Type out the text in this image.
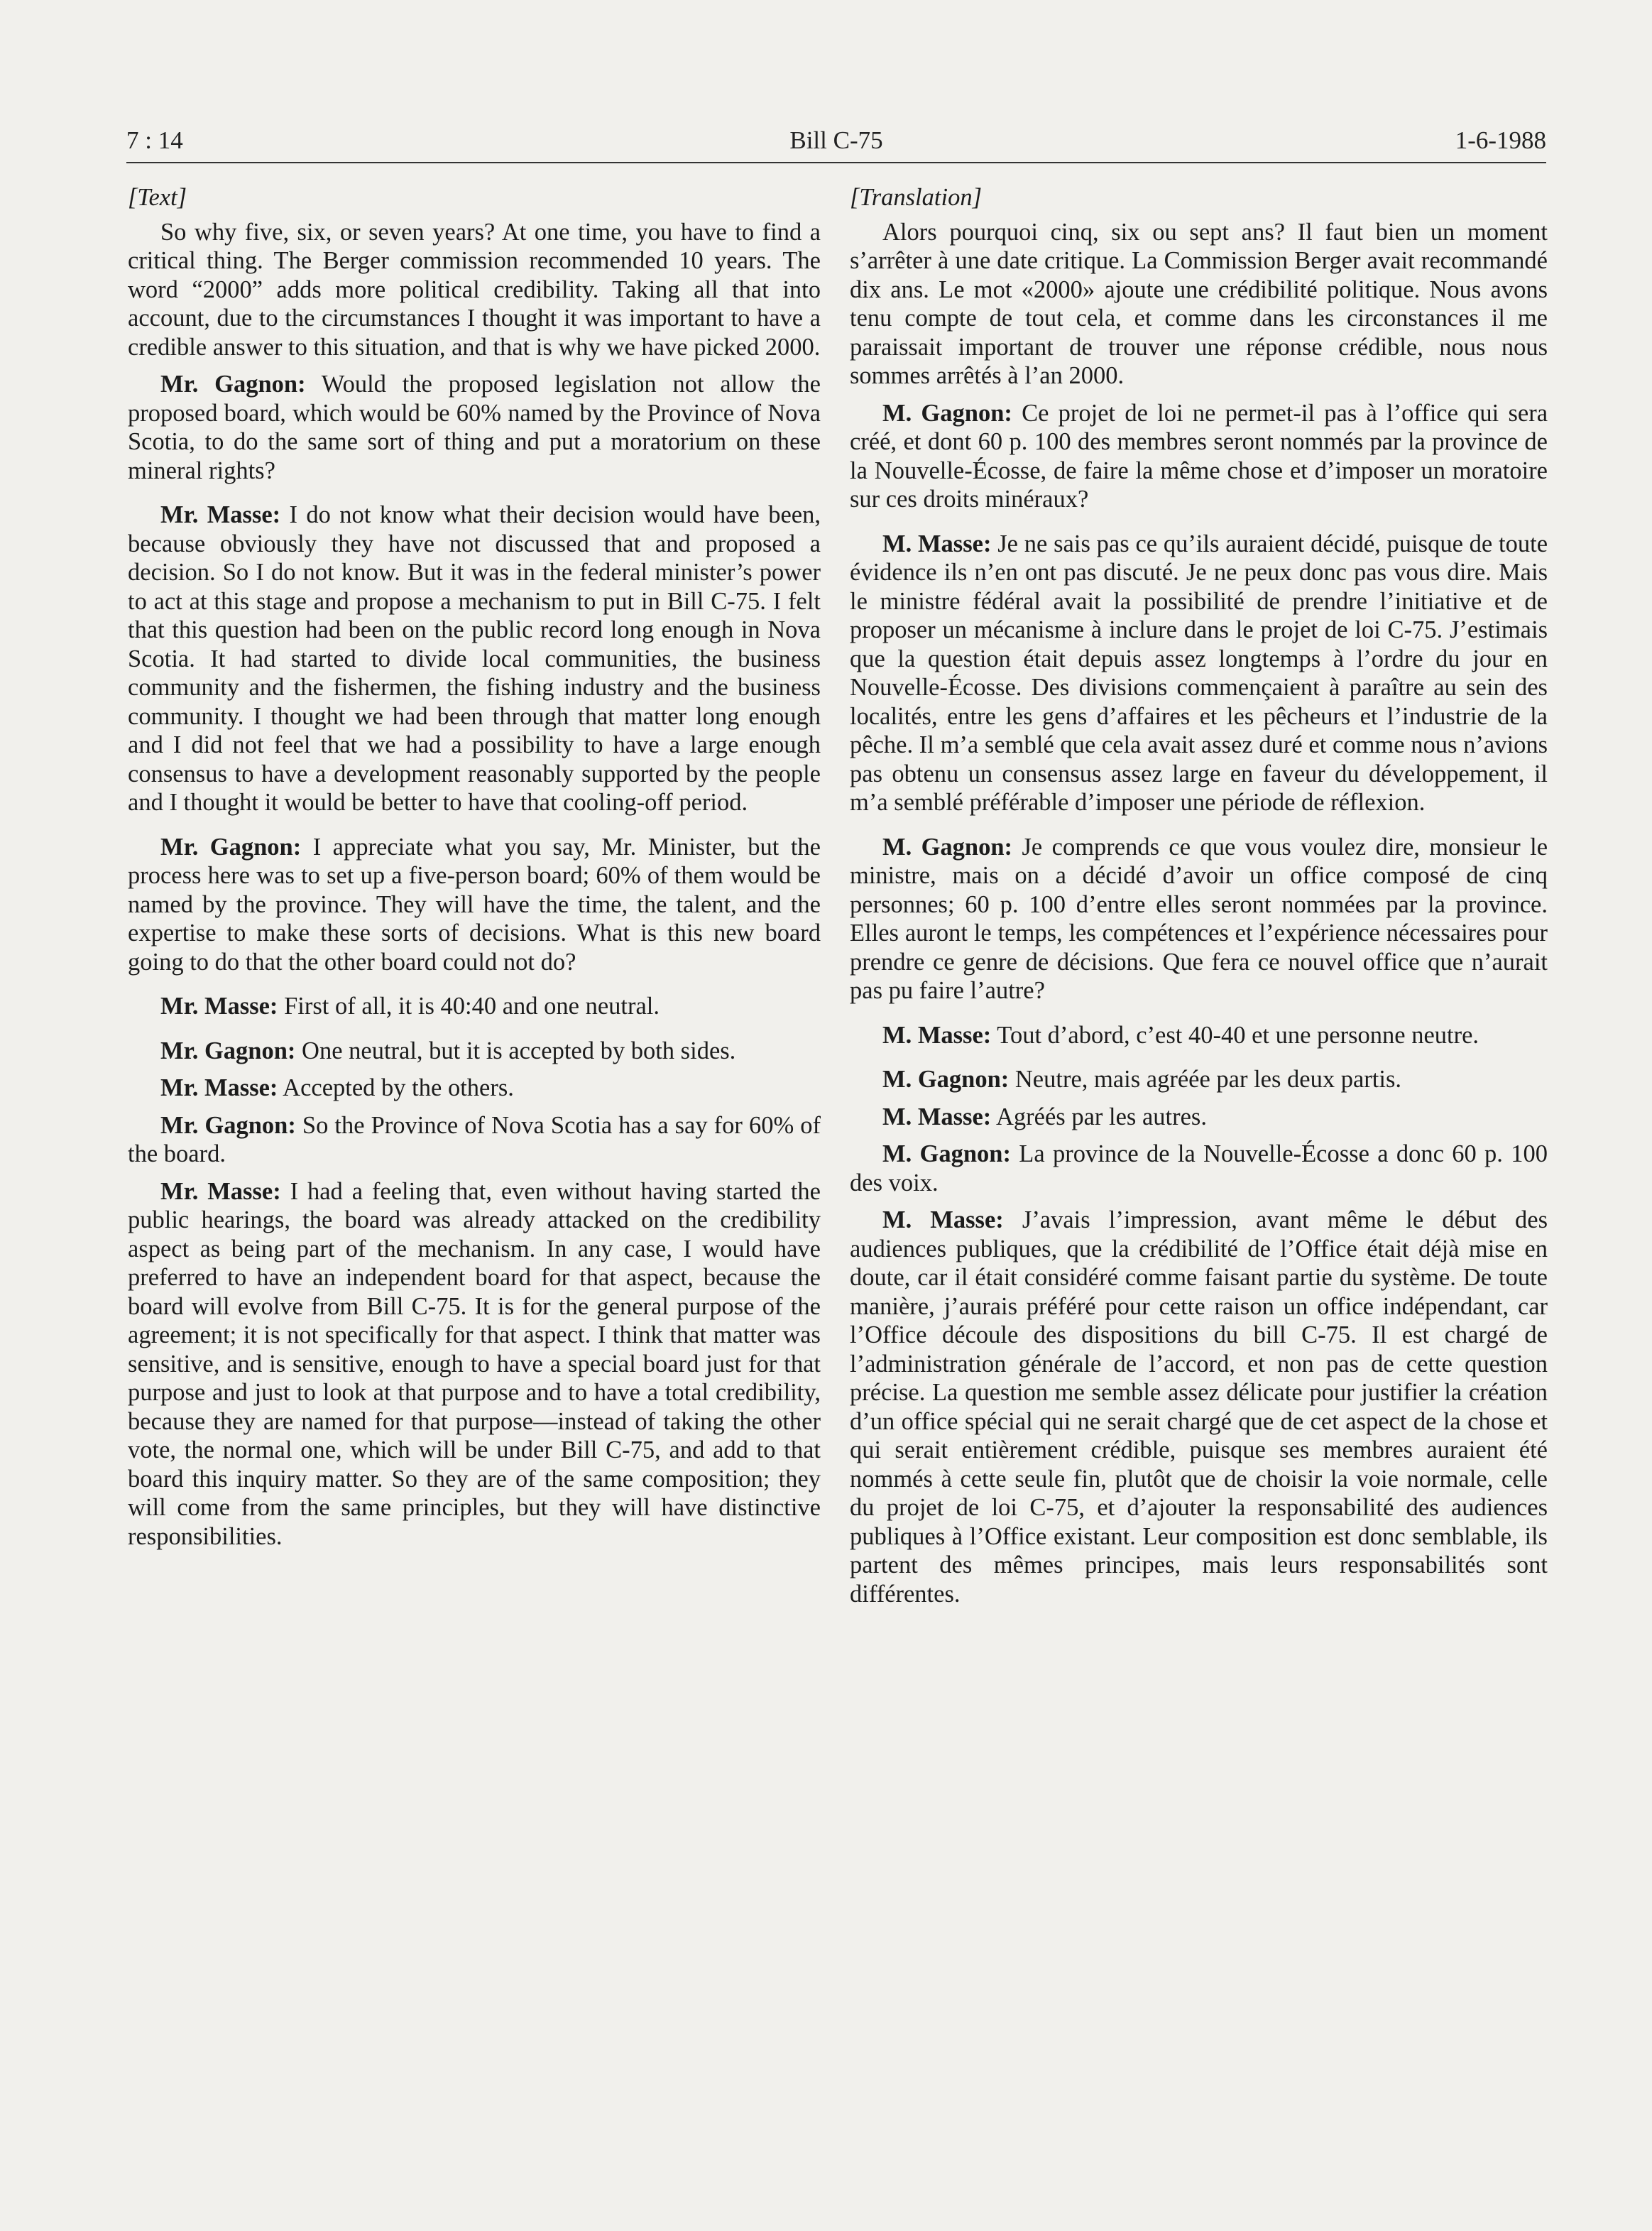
7 : 14	Bill C-75	1-6-1988
[Text]

So why five, six, or seven years? At one time, you have to find a critical thing. The Berger commission recommended 10 years. The word “2000” adds more political credibility. Taking all that into account, due to the circumstances I thought it was important to have a credible answer to this situation, and that is why we have picked 2000.

Mr. Gagnon: Would the proposed legislation not allow the proposed board, which would be 60% named by the Province of Nova Scotia, to do the same sort of thing and put a moratorium on these mineral rights?

Mr. Masse: I do not know what their decision would have been, because obviously they have not discussed that and proposed a decision. So I do not know. But it was in the federal minister’s power to act at this stage and propose a mechanism to put in Bill C-75. I felt that this question had been on the public record long enough in Nova Scotia. It had started to divide local communities, the business community and the fishermen, the fishing industry and the business community. I thought we had been through that matter long enough and I did not feel that we had a possibility to have a large enough consensus to have a development reasonably supported by the people and I thought it would be better to have that cooling-off period.

Mr. Gagnon: I appreciate what you say, Mr. Minister, but the process here was to set up a five-person board; 60% of them would be named by the province. They will have the time, the talent, and the expertise to make these sorts of decisions. What is this new board going to do that the other board could not do?

Mr. Masse: First of all, it is 40:40 and one neutral.

Mr. Gagnon: One neutral, but it is accepted by both sides.

Mr. Masse: Accepted by the others.

Mr. Gagnon: So the Province of Nova Scotia has a say for 60% of the board.

Mr. Masse: I had a feeling that, even without having started the public hearings, the board was already attacked on the credibility aspect as being part of the mechanism. In any case, I would have preferred to have an independent board for that aspect, because the board will evolve from Bill C-75. It is for the general purpose of the agreement; it is not specifically for that aspect. I think that matter was sensitive, and is sensitive, enough to have a special board just for that purpose and just to look at that purpose and to have a total credibility, because they are named for that purpose—instead of taking the other vote, the normal one, which will be under Bill C-75, and add to that board this inquiry matter. So they are of the same composition; they will come from the same principles, but they will have distinctive responsibilities.

[Translation]

Alors pourquoi cinq, six ou sept ans? Il faut bien un moment s’arrêter à une date critique. La Commission Berger avait recommandé dix ans. Le mot «2000» ajoute une crédibilité politique. Nous avons tenu compte de tout cela, et comme dans les circonstances il me paraissait important de trouver une réponse crédible, nous nous sommes arrêtés à l’an 2000.

M. Gagnon: Ce projet de loi ne permet-il pas à l’office qui sera créé, et dont 60 p. 100 des membres seront nommés par la province de la Nouvelle-Écosse, de faire la même chose et d’imposer un moratoire sur ces droits minéraux?

M. Masse: Je ne sais pas ce qu’ils auraient décidé, puisque de toute évidence ils n’en ont pas discuté. Je ne peux donc pas vous dire. Mais le ministre fédéral avait la possibilité de prendre l’initiative et de proposer un mécanisme à inclure dans le projet de loi C-75. J’estimais que la question était depuis assez longtemps à l’ordre du jour en Nouvelle-Écosse. Des divisions commençaient à paraître au sein des localités, entre les gens d’affaires et les pêcheurs et l’industrie de la pêche. Il m’a semblé que cela avait assez duré et comme nous n’avions pas obtenu un consensus assez large en faveur du développement, il m’a semblé préférable d’imposer une période de réflexion.

M. Gagnon: Je comprends ce que vous voulez dire, monsieur le ministre, mais on a décidé d’avoir un office composé de cinq personnes; 60 p. 100 d’entre elles seront nommées par la province. Elles auront le temps, les compétences et l’expérience nécessaires pour prendre ce genre de décisions. Que fera ce nouvel office que n’aurait pas pu faire l’autre?

M. Masse: Tout d’abord, c’est 40-40 et une personne neutre.

M. Gagnon: Neutre, mais agréée par les deux partis.

M. Masse: Agréés par les autres.

M. Gagnon: La province de la Nouvelle-Écosse a donc 60 p. 100 des voix.

M. Masse: J’avais l’impression, avant même le début des audiences publiques, que la crédibilité de l’Office était déjà mise en doute, car il était considéré comme faisant partie du système. De toute manière, j’aurais préféré pour cette raison un office indépendant, car l’Office découle des dispositions du bill C-75. Il est chargé de l’administration générale de l’accord, et non pas de cette question précise. La question me semble assez délicate pour justifier la création d’un office spécial qui ne serait chargé que de cet aspect de la chose et qui serait entièrement crédible, puisque ses membres auraient été nommés à cette seule fin, plutôt que de choisir la voie normale, celle du projet de loi C-75, et d’ajouter la responsabilité des audiences publiques à l’Office existant. Leur composition est donc semblable, ils partent des mêmes principes, mais leurs responsabilités sont différentes.
